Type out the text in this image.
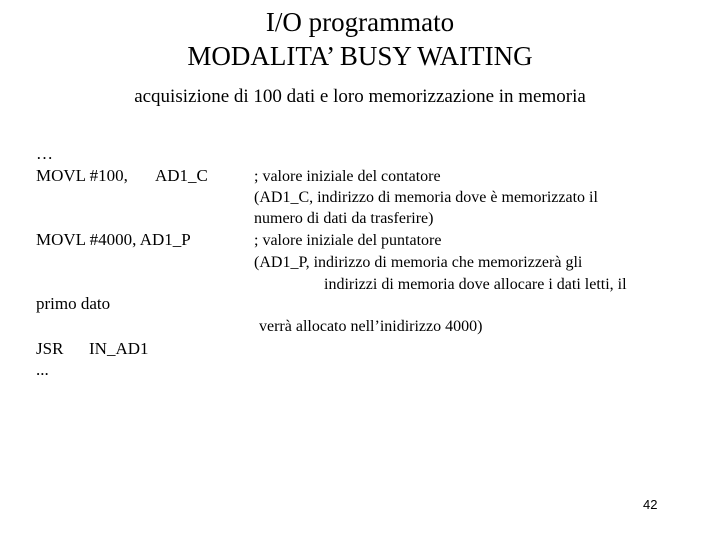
I/O programmato
MODALITA’ BUSY WAITING
acquisizione di 100 dati e loro memorizzazione in memoria
…
MOVL #100, AD1_C
MOVL #4000, AD1_P
primo dato
JSR IN_AD1
...
; valore iniziale del contatore
(AD1_C, indirizzo di memoria dove è memorizzato il
numero di dati da trasferire)
; valore iniziale del puntatore
(AD1_P, indirizzo di memoria che memorizzerà gli
indirizzi di memoria dove allocare i dati letti, il
verrà allocato nell’inidirizzo 4000)
42
